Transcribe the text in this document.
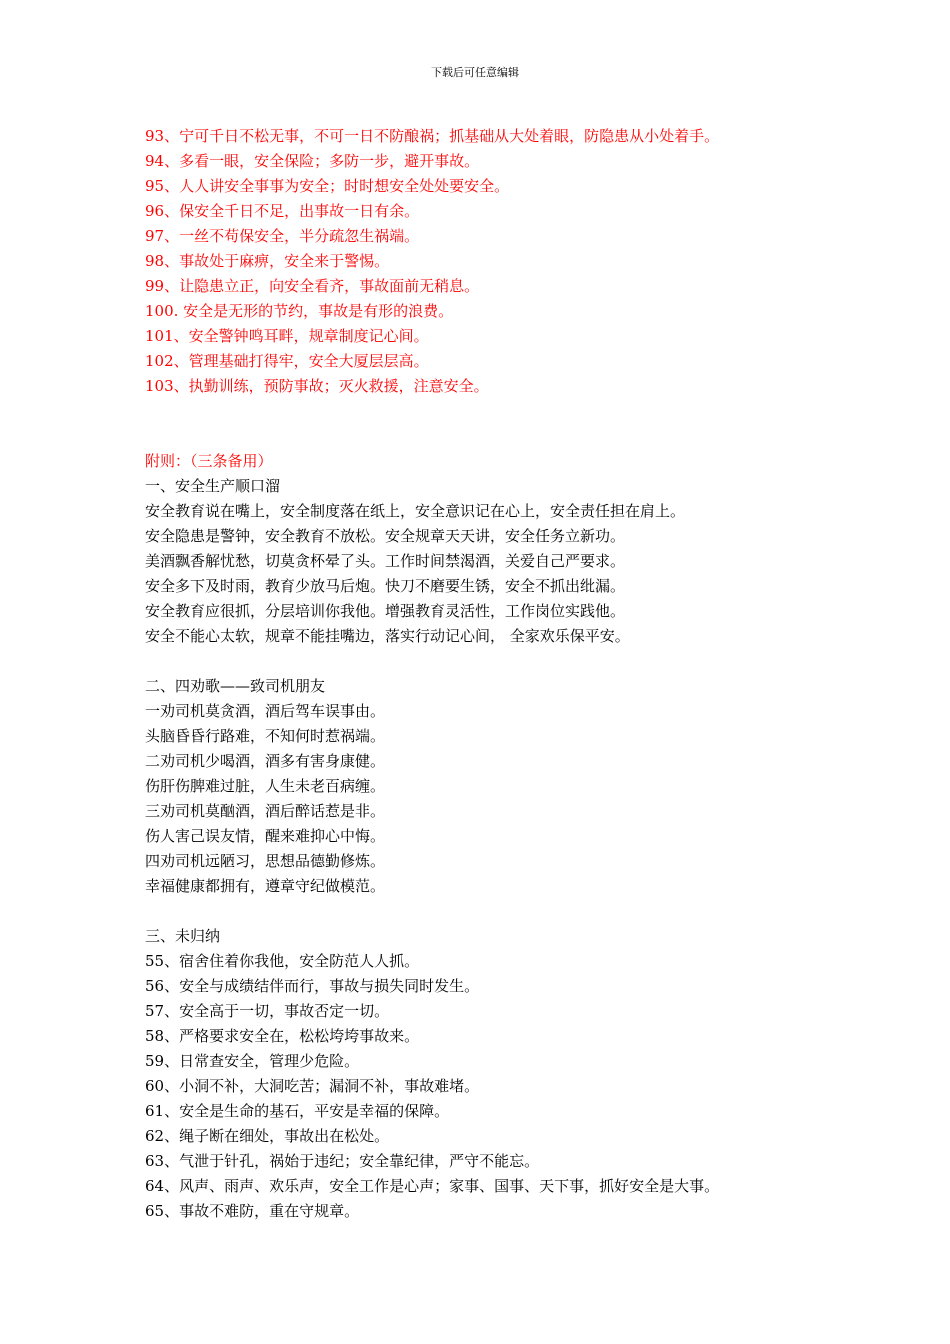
下载后可任意编辑
93、宁可千日不松无事，不可一日不防酿祸；抓基础从大处着眼，防隐患从小处着手。
94、多看一眼，安全保险；多防一步，避开事故。
95、人人讲安全事事为安全；时时想安全处处要安全。
96、保安全千日不足，出事故一日有余。
97、一丝不苟保安全，半分疏忽生祸端。
98、事故处于麻痹，安全来于警惕。
99、让隐患立正，向安全看齐，事故面前无稍息。
100. 安全是无形的节约，事故是有形的浪费。
101、安全警钟鸣耳畔，规章制度记心间。
102、管理基础打得牢，安全大厦层层高。
103、执勤训练，预防事故；灭火救援，注意安全。
附则：（三条备用）
一、安全生产顺口溜
安全教育说在嘴上，安全制度落在纸上，安全意识记在心上，安全责任担在肩上。
安全隐患是警钟，安全教育不放松。安全规章天天讲，安全任务立新功。
美酒飘香解忧愁，切莫贪杯晕了头。工作时间禁渴酒，关爱自己严要求。
安全多下及时雨，教育少放马后炮。快刀不磨要生锈，安全不抓出纰漏。
安全教育应很抓，分层培训你我他。增强教育灵活性，工作岗位实践他。
安全不能心太软，规章不能挂嘴边，落实行动记心间， 全家欢乐保平安。
二、四劝歌——致司机朋友
一劝司机莫贪酒，酒后驾车误事由。
头脑昏昏行路难，不知何时惹祸端。
二劝司机少喝酒，酒多有害身康健。
伤肝伤脾难过脏，人生未老百病缠。
三劝司机莫酗酒，酒后醉话惹是非。
伤人害己误友情，醒来难抑心中悔。
四劝司机远陋习，思想品德勤修炼。
幸福健康都拥有，遵章守纪做模范。
三、未归纳
55、宿舍住着你我他，安全防范人人抓。
56、安全与成绩结伴而行，事故与损失同时发生。
57、安全高于一切，事故否定一切。
58、严格要求安全在，松松垮垮事故来。
59、日常查安全，管理少危险。
60、小洞不补，大洞吃苦；漏洞不补，事故难堵。
61、安全是生命的基石，平安是幸福的保障。
62、绳子断在细处，事故出在松处。
63、气泄于针孔，祸始于违纪；安全靠纪律，严守不能忘。
64、风声、雨声、欢乐声，安全工作是心声；家事、国事、天下事，抓好安全是大事。
65、事故不难防，重在守规章。
